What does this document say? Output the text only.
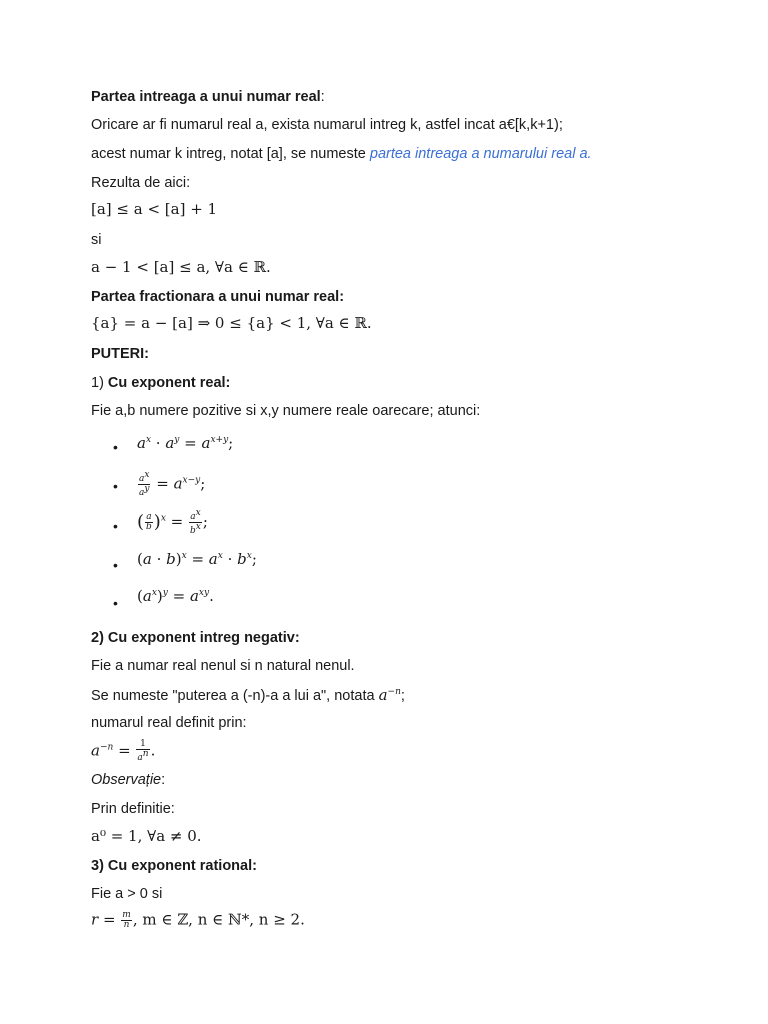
Partea intreaga a unui numar real:
Oricare ar fi numarul real a, exista numarul intreg k, astfel incat a€[k,k+1);
acest numar k intreg, notat [a], se numeste partea intreaga a numarului real a.
Rezulta de aici:
[a] ≤ a < [a] + 1
si
a − 1 < [a] ≤ a, ∀a ∈ ℝ.
Partea fractionara a unui numar real:
{a} = a − [a] ⇒ 0 ≤ {a} < 1, ∀a ∈ ℝ.
PUTERI:
1) Cu exponent real:
Fie a,b numere pozitive si x,y numere reale oarecare; atunci:
• $a^x \cdot a^y = a^{x+y}$;
• $\frac{a^x}{a^y} = a^{x-y}$;
• ( $\frac{a}{b} )^x = \frac{a^x}{b^x}$ ;
• $(a \cdot b)^x = a^x \cdot b^x$;
• $(a^x)^y = a^{xy}$.
2) Cu exponent intreg negativ:
Fie a numar real nenul si n natural nenul.
Se numeste "puterea a (-n)-a a lui a", notata $a^{-n}$;
numarul real definit prin:
$a^{-n} = \frac{1}{a^n}$ .
Observație:
Prin definitie:
a⁰ = 1, ∀a ≠ 0.
3) Cu exponent rational:
Fie a > 0 si
$r = \frac{m}{n}$ , m ∈ ℤ, n ∈ ℕ*, n ≥ 2.
